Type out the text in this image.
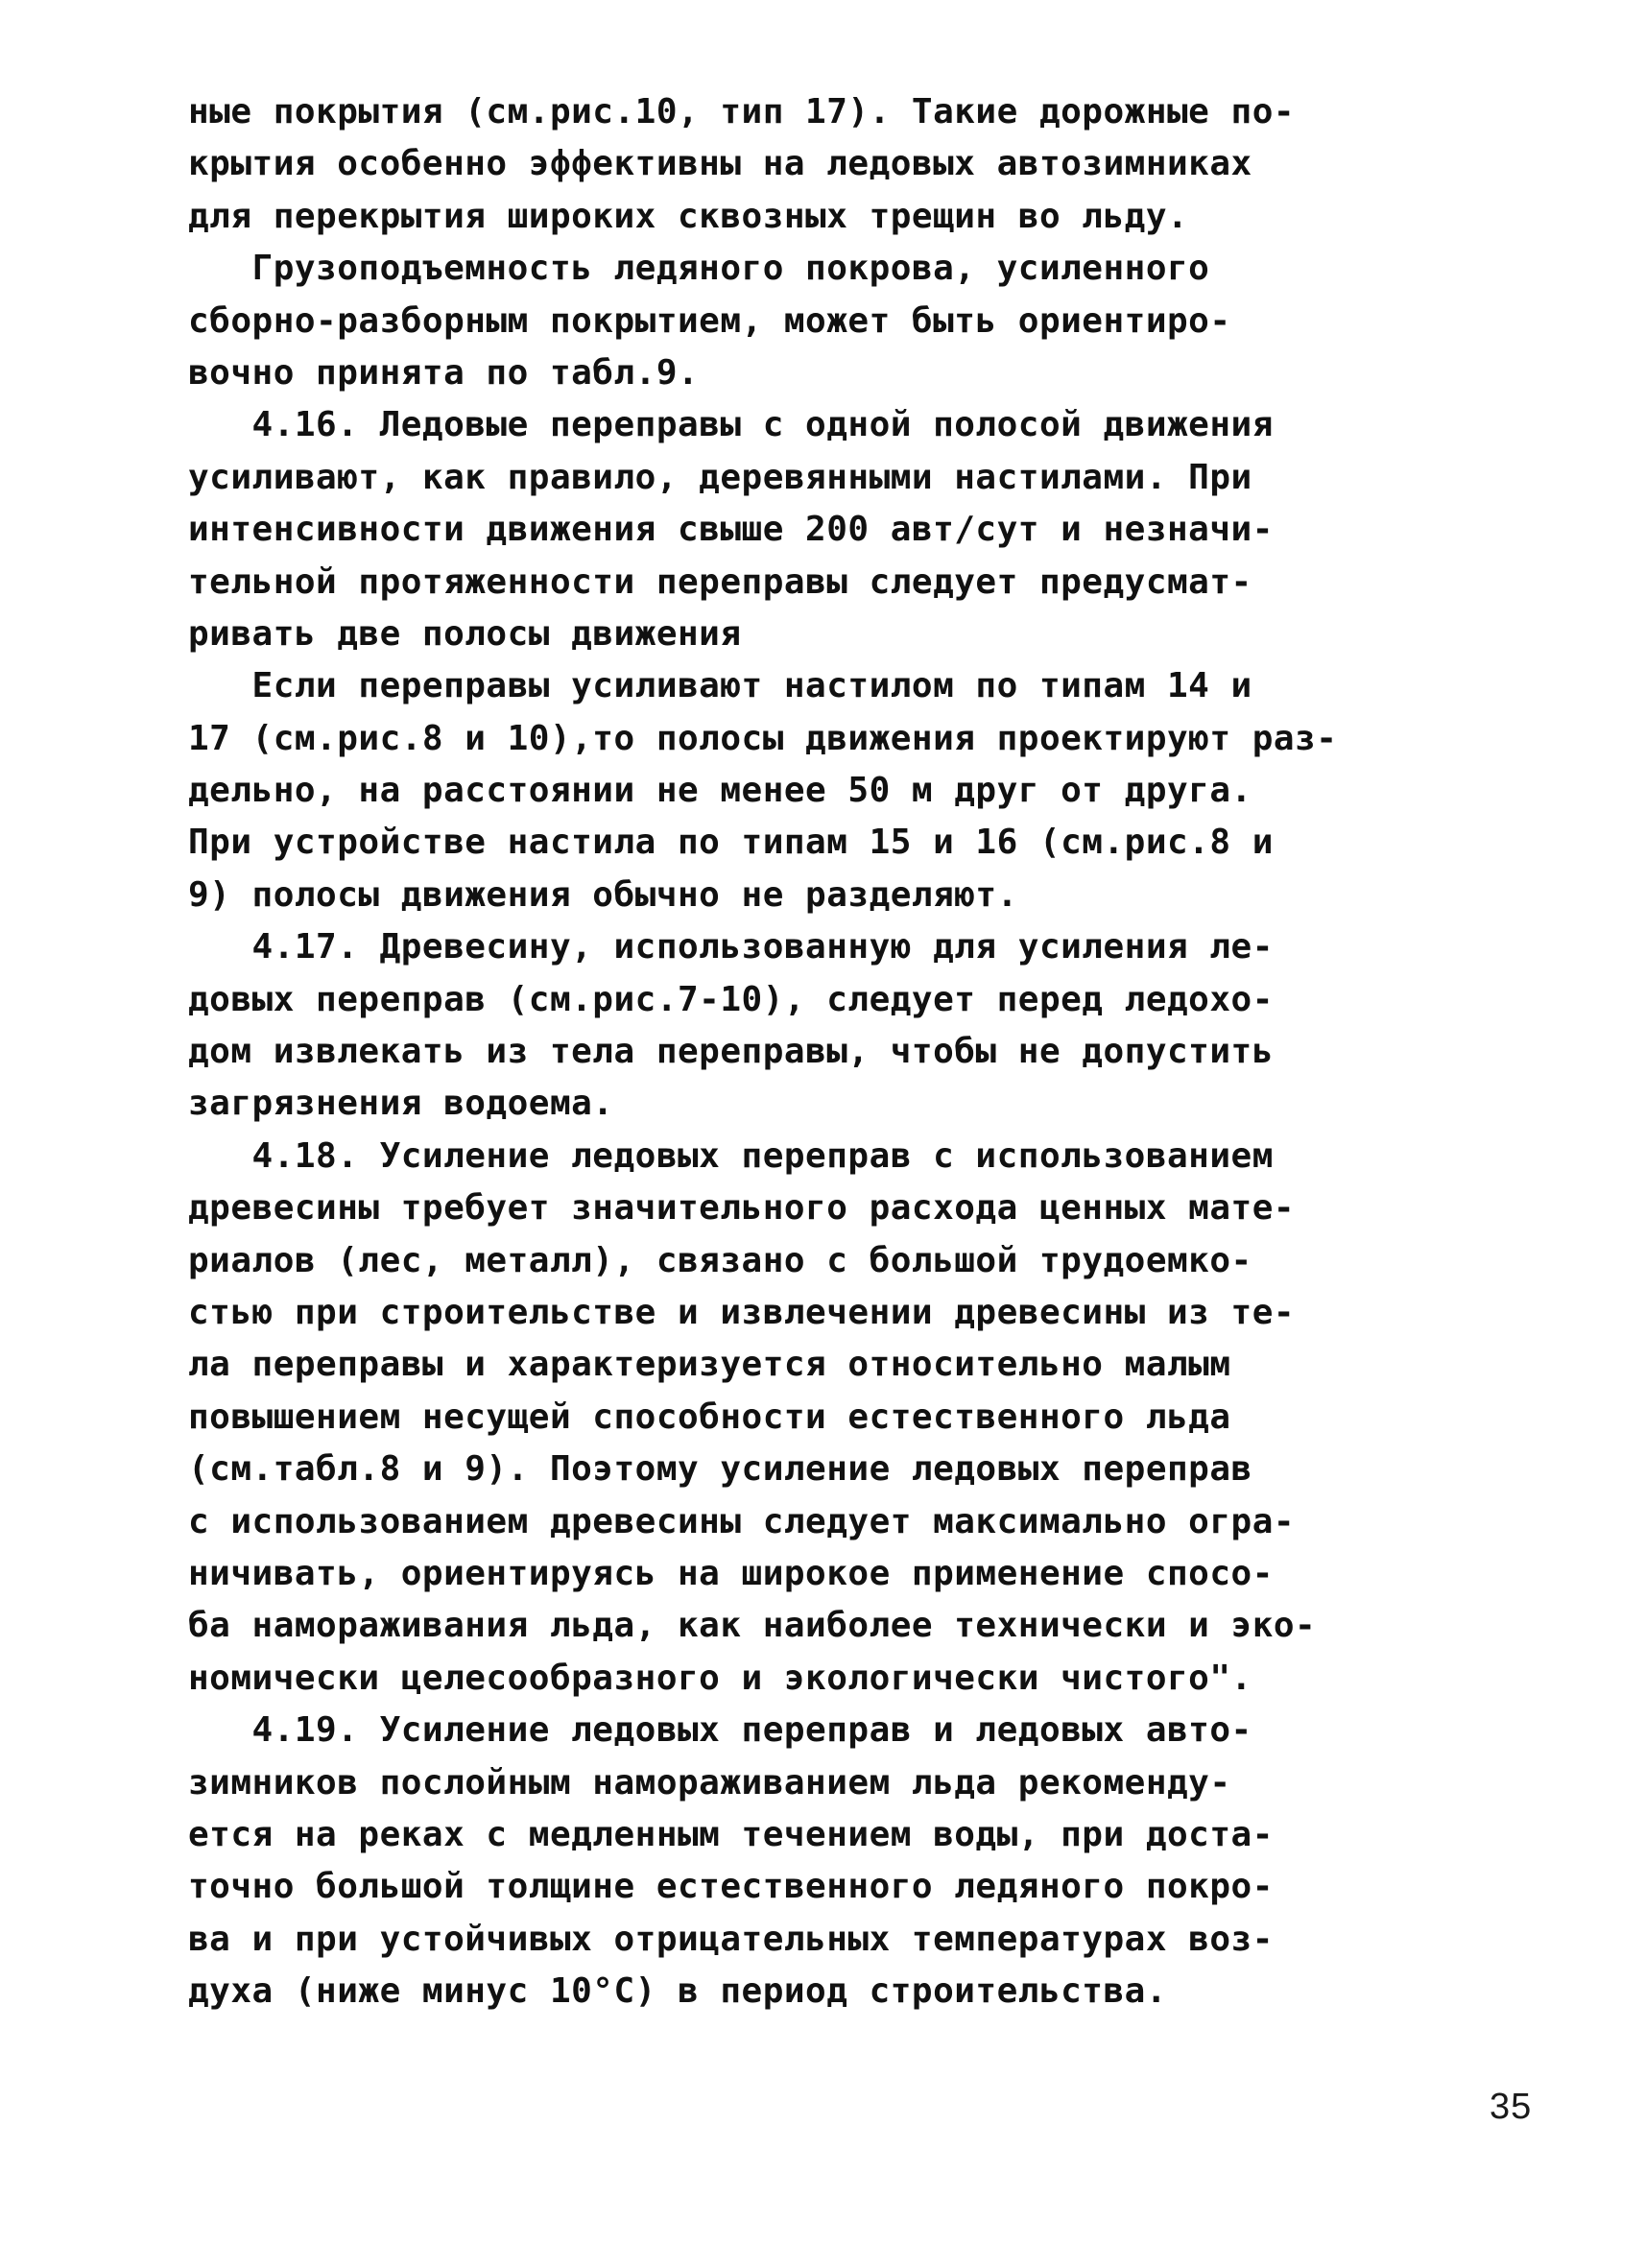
ные покрытия (см.рис.10, тип 17). Такие дорожные по-
крытия особенно эффективны на ледовых автозимниках
для перекрытия широких сквозных трещин во льду.
Грузоподъемность ледяного покрова, усиленного
сборно-разборным покрытием, может быть ориентиро-
вочно принята по табл.9.
4.16. Ледовые переправы с одной полосой движения
усиливают, как правило, деревянными настилами. При
интенсивности движения свыше 200 авт/сут и незначи-
тельной протяженности переправы следует предусмат-
ривать две полосы движения
Если переправы усиливают настилом по типам 14 и
17 (см.рис.8 и 10),то полосы движения проектируют раз-
дельно, на расстоянии не менее 50 м друг от друга.
При устройстве настила по типам 15 и 16 (см.рис.8 и
9) полосы движения обычно не разделяют.
4.17. Древесину, использованную для усиления ле-
довых переправ (см.рис.7-10), следует перед ледохо-
дом извлекать из тела переправы, чтобы не допустить
загрязнения водоема.
4.18. Усиление ледовых переправ с использованием
древесины требует значительного расхода ценных мате-
риалов (лес, металл), связано с большой трудоемко-
стью при строительстве и извлечении древесины из те-
ла переправы и характеризуется относительно малым
повышением несущей способности естественного льда
(см.табл.8 и 9). Поэтому усиление ледовых переправ
с использованием древесины следует максимально огра-
ничивать, ориентируясь на широкое применение спосо-
ба намораживания льда, как наиболее технически и эко-
номически целесообразного и экологически чистого".
4.19. Усиление ледовых переправ и ледовых авто-
зимников послойным намораживанием льда рекоменду-
ется на реках с медленным течением воды, при доста-
точно большой толщине естественного ледяного покро-
ва и при устойчивых отрицательных температурах воз-
духа (ниже минус 10°С) в период строительства.
35
